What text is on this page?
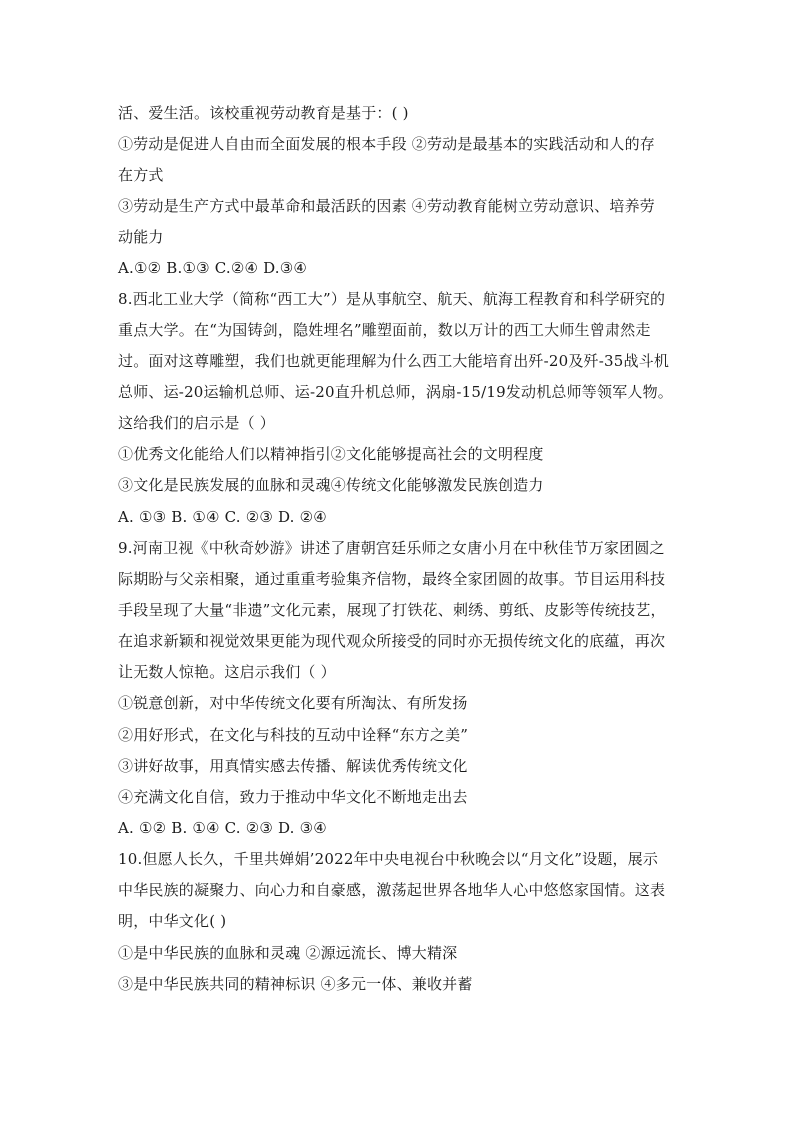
活、爱生活。该校重视劳动教育是基于：( )
①劳动是促进人自由而全面发展的根本手段 ②劳动是最基本的实践活动和人的存
在方式
③劳动是生产方式中最革命和最活跃的因素 ④劳动教育能树立劳动意识、培养劳
动能力
A.①② B.①③ C.②④ D.③④
8.西北工业大学（简称“西工大”）是从事航空、航天、航海工程教育和科学研究的
重点大学。在“为国铸剑，隐姓埋名”雕塑面前，数以万计的西工大师生曾肃然走
过。面对这尊雕塑，我们也就更能理解为什么西工大能培育出歼-20及歼-35战斗机
总师、运-20运输机总师、运-20直升机总师，涡扇-15/19发动机总师等领军人物。
这给我们的启示是（ ）
①优秀文化能给人们以精神指引②文化能够提高社会的文明程度
③文化是民族发展的血脉和灵魂④传统文化能够激发民族创造力
A. ①③ B. ①④ C. ②③ D. ②④
9.河南卫视《中秋奇妙游》讲述了唐朝宫廷乐师之女唐小月在中秋佳节万家团圆之
际期盼与父亲相聚，通过重重考验集齐信物，最终全家团圆的故事。节目运用科技
手段呈现了大量“非遗”文化元素，展现了打铁花、刺绣、剪纸、皮影等传统技艺，
在追求新颖和视觉效果更能为现代观众所接受的同时亦无损传统文化的底蕴，再次
让无数人惊艳。这启示我们（ ）
①锐意创新，对中华传统文化要有所淘汰、有所发扬
②用好形式，在文化与科技的互动中诠释“东方之美”
③讲好故事，用真情实感去传播、解读优秀传统文化
④充满文化自信，致力于推动中华文化不断地走出去
A. ①② B. ①④ C. ②③ D. ③④
10.但愿人长久，千里共婵娟’2022年中央电视台中秋晚会以“月文化”设题，展示
中华民族的凝聚力、向心力和自豪感，激荡起世界各地华人心中悠悠家国情。这表
明，中华文化( )
①是中华民族的血脉和灵魂 ②源远流长、博大精深
③是中华民族共同的精神标识 ④多元一体、兼收并蓄
